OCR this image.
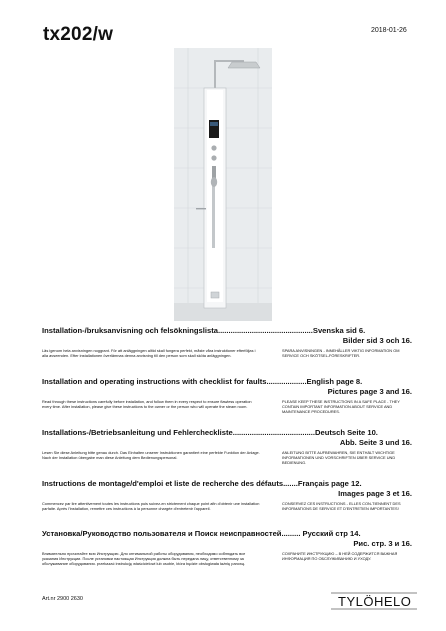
tx202/w	2018-01-26
Installation-/bruksanvisning och felsökningslista.............................................Svenska sid 6.
Bilder sid 3 och 16.
Läs igenom hela anvisningen noggrant. För att anläggningen alltid skall fungera perfekt, måste våra instruktioner efterföljas i alla avseenden. Efter installationen överlämnas denna anvisning till den person som skall sköta anläggningen.
SPARA ANVISNINGEN - INNEHÅLLER VIKTIG INFORMATION OM SERVICE OCH SKÖTSEL-FÖRESKRIFTER.
Installation and operating instructions with checklist for faults...................English page 8.
Pictures page 3 and 16.
Read through these instructions carefully before installation, and follow them in every respect to ensure flawless operation every time. After installation, please give these instructions to the owner or the person who will operate the steam room.
PLEASE KEEP THESE INSTRUCTIONS IN A SAFE PLACE - THEY CONTAIN IMPORTANT INFORMATION ABOUT SERVICE AND MAINTENANCE PROCEDURES.
Installations-/Betriebsanleitung und Fehlercheckliste.......................................Deutsch Seite 10.
Abb. Seite 3 und 16.
Lesen Sie diese Anleitung bitte genau durch. Das Einhalten unserer Instruktionen garantiert eine perfekte Funktion der Anlage. Nach der Installation übergabe man diese Anleitung dem Bedienungspersonal.
ANLEITUNG BITTE AUFBEWAHREN, SIE ENTHÄLT WICHTIGE INFORMATIONEN UND VORSCHRIFTEN ÜBER SERVICE UND BEDIENUNG.
Instructions de montage/d'emploi et liste de recherche des défauts.......Français page 12.
Images page 3 et 16.
Commencez par lire attentivement toutes les instructions puis suivez-en strictement chaque point afin d'obtenir une installation parfaite. Après l'installation, remettre ces instructions à la personne chargée d'entretenir l'appareil.
CONSERVEZ CES INSTRUCTIONS - ELLES CON-TIENNENT DES INFORMATIONS DE SERVICE ET D'ENTRETIEN IMPORTANTES!
Установка/Руководство пользователя и Поиск неисправностей......... Русский стр 14.
Рис. стр. 3 и 16.
Внимательно прочитайте всю Инструкцию. Для оптимальной работы оборудования, необходимо соблюдать все указания Инструкции. После установки настоящая Инструкция должна быть передана лицу, ответственному за обслуживание оборудования. przekazać instrukcję właścicielowi lub osobie, która będzie obsługiwała łaźnię parową.
СОХРАНИТЕ ИНСТРУКЦИЮ – В НЕЙ СОДЕРЖИТСЯ ВАЖНАЯ ИНФОРМАЦИЯ ПО ОБСЛУЖИВАНИЮ И УХОДУ.
Art.nr 2900 2630	TYLÖHELO
